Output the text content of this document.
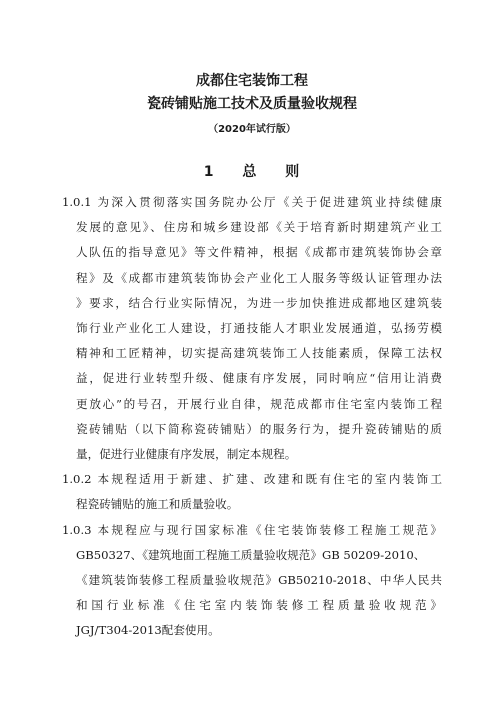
成都住宅装饰工程
瓷砖铺贴施工技术及质量验收规程
（2020年试行版）
1 总 则

1.0.1 为深入贯彻落实国务院办公厅《关于促进建筑业持续健康
发展的意见》、住房和城乡建设部《关于培育新时期建筑产业工
人队伍的指导意见》等文件精神，根据《成都市建筑装饰协会章
程》及《成都市建筑装饰协会产业化工人服务等级认证管理办法
》要求，结合行业实际情况，为进一步加快推进成都地区建筑装
饰行业产业化工人建设，打通技能人才职业发展通道，弘扬劳模
精神和工匠精神，切实提高建筑装饰工人技能素质，保障工法权
益，促进行业转型升级、健康有序发展，同时响应“信用让消费
更放心”的号召，开展行业自律，规范成都市住宅室内装饰工程
瓷砖铺贴（以下简称瓷砖铺贴）的服务行为，提升瓷砖铺贴的质
量，促进行业健康有序发展，制定本规程。

1.0.2 本规程适用于新建、扩建、改建和既有住宅的室内装饰工
程瓷砖铺贴的施工和质量验收。

1.0.3 本规程应与现行国家标准《住宅装饰装修工程施工规范》
GB50327、《建筑地面工程施工质量验收规范》GB 50209-2010、
《建筑装饰装修工程质量验收规范》GB50210-2018、中华人民共
和国行业标准《住宅室内装饰装修工程质量验收规范》
JGJ/T304-2013配套使用。
